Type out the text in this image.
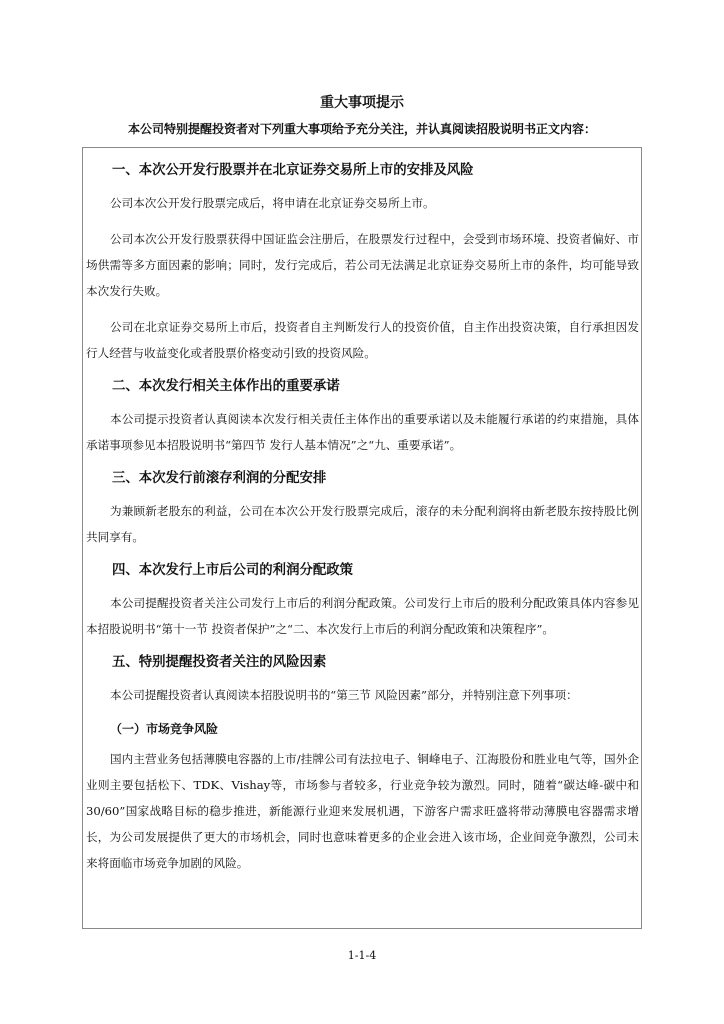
重大事项提示
本公司特别提醒投资者对下列重大事项给予充分关注，并认真阅读招股说明书正文内容：
一、本次公开发行股票并在北京证券交易所上市的安排及风险

公司本次公开发行股票完成后，将申请在北京证券交易所上市。

公司本次公开发行股票获得中国证监会注册后，在股票发行过程中，会受到市场环境、投资者偏好、市场供需等多方面因素的影响；同时，发行完成后，若公司无法满足北京证券交易所上市的条件，均可能导致本次发行失败。

公司在北京证券交易所上市后，投资者自主判断发行人的投资价值，自主作出投资决策，自行承担因发行人经营与收益变化或者股票价格变动引致的投资风险。

二、本次发行相关主体作出的重要承诺

本公司提示投资者认真阅读本次发行相关责任主体作出的重要承诺以及未能履行承诺的约束措施，具体承诺事项参见本招股说明书“第四节 发行人基本情况”之“九、重要承诺”。

三、本次发行前滚存利润的分配安排

为兼顾新老股东的利益，公司在本次公开发行股票完成后，滚存的未分配利润将由新老股东按持股比例共同享有。

四、本次发行上市后公司的利润分配政策

本公司提醒投资者关注公司发行上市后的利润分配政策。公司发行上市后的股利分配政策具体内容参见本招股说明书“第十一节 投资者保护”之“二、本次发行上市后的利润分配政策和决策程序”。

五、特别提醒投资者关注的风险因素

本公司提醒投资者认真阅读本招股说明书的“第三节 风险因素”部分，并特别注意下列事项：

（一）市场竞争风险

国内主营业务包括薄膜电容器的上市/挂牌公司有法拉电子、铜峰电子、江海股份和胜业电气等，国外企业则主要包括松下、TDK、Vishay等，市场参与者较多，行业竞争较为激烈。同时，随着“碳达峰-碳中和 30/60”国家战略目标的稳步推进，新能源行业迎来发展机遇，下游客户需求旺盛将带动薄膜电容器需求增长，为公司发展提供了更大的市场机会，同时也意味着更多的企业会进入该市场，企业间竞争激烈，公司未来将面临市场竞争加剧的风险。

1-1-4
